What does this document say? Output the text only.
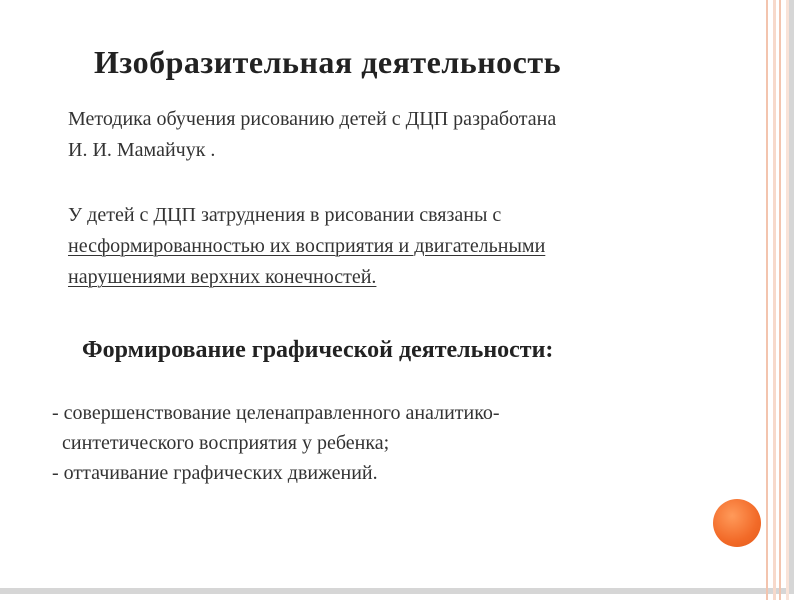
Изобразительная деятельность
Методика обучения рисованию детей с ДЦП разработана
И. И. Мамайчук .
У детей с ДЦП затруднения в рисовании связаны с
несформированностью их восприятия и двигательными
нарушениями верхних конечностей.
Формирование графической деятельности:
- совершенствование целенаправленного аналитико-
синтетического восприятия у ребенка;
- оттачивание графических движений.
